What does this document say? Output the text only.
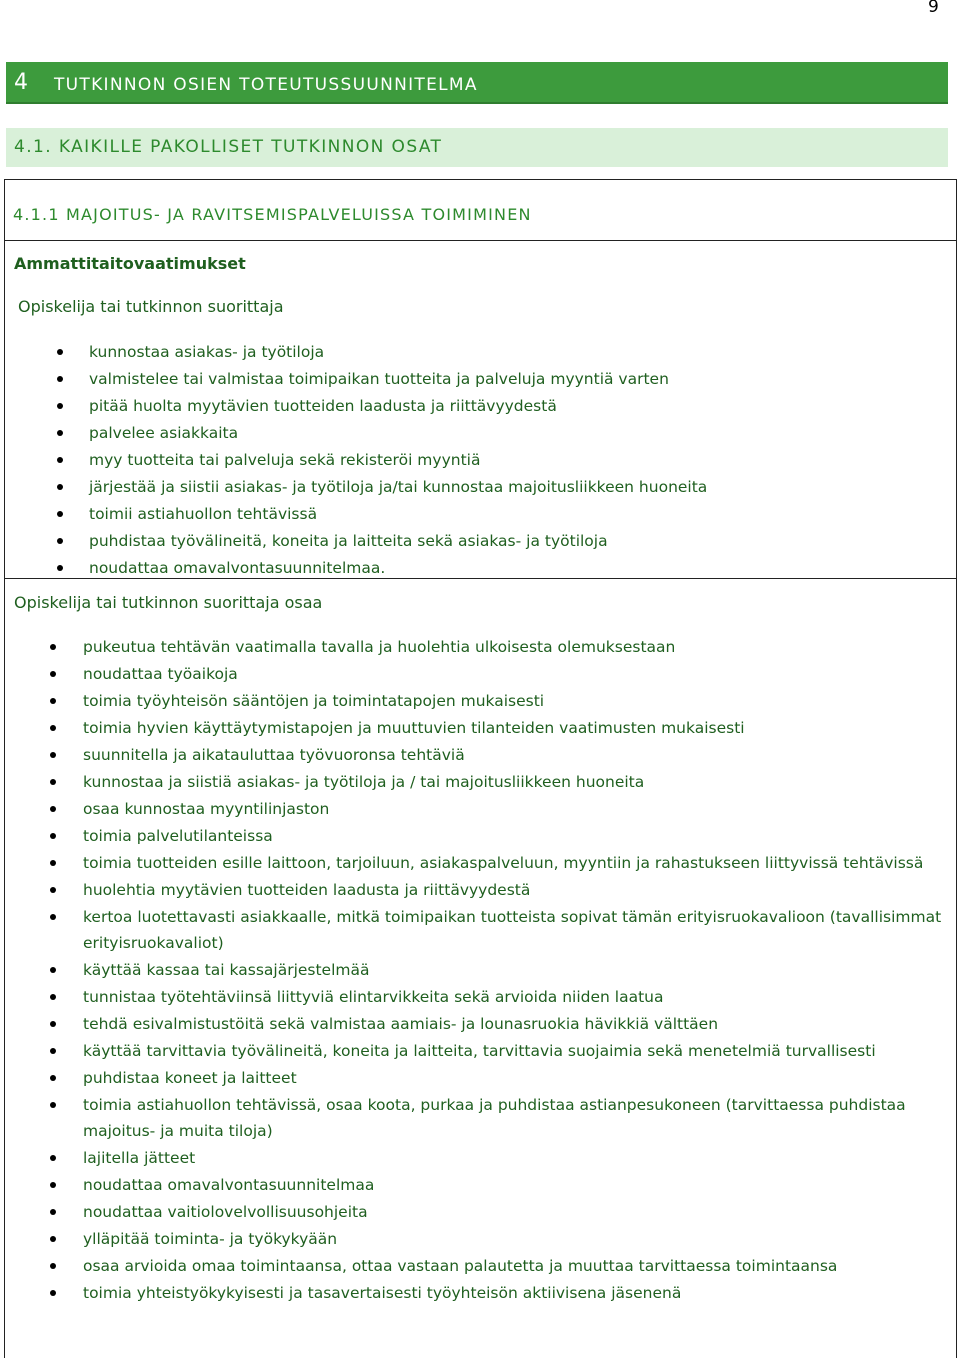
9
4 TUTKINNON OSIEN TOTEUTUSSUUNNITELMA
4.1. KAIKILLE PAKOLLISET TUTKINNON OSAT
4.1.1 MAJOITUS- JA RAVITSEMISPALVELUISSA TOIMIMINEN
Ammattitaitovaatimukset
Opiskelija tai tutkinnon suorittaja
kunnostaa asiakas- ja työtiloja
valmistelee tai valmistaa toimipaikan tuotteita ja palveluja myyntiä varten
pitää huolta myytävien tuotteiden laadusta ja riittävyydestä
palvelee asiakkaita
myy tuotteita tai palveluja sekä rekisteröi myyntiä
järjestää ja siistii asiakas- ja työtiloja ja/tai kunnostaa majoitusliikkeen huoneita
toimii astiahuollon tehtävissä
puhdistaa työvälineitä, koneita ja laitteita sekä asiakas- ja työtiloja
noudattaa omavalvontasuunnitelmaa.
Opiskelija tai tutkinnon suorittaja osaa
pukeutua tehtävän vaatimalla tavalla ja huolehtia ulkoisesta olemuksestaan
noudattaa työaikoja
toimia työyhteisön sääntöjen ja toimintatapojen mukaisesti
toimia hyvien käyttäytymistapojen ja muuttuvien tilanteiden vaatimusten mukaisesti
suunnitella ja aikatauluttaa työvuoronsa tehtäviä
kunnostaa ja siistiä asiakas- ja työtiloja ja / tai majoitusliikkeen huoneita
osaa kunnostaa myyntilinjaston
toimia palvelutilanteissa
toimia tuotteiden esille laittoon, tarjoiluun, asiakaspalveluun, myyntiin ja rahastukseen liittyvissä tehtävissä
huolehtia myytävien tuotteiden laadusta ja riittävyydestä
kertoa luotettavasti asiakkaalle, mitkä toimipaikan tuotteista sopivat tämän erityisruokavalioon (tavallisimmat erityisruokavaliot)
käyttää kassaa tai kassajärjestelmää
tunnistaa työtehtäviinsä liittyviä elintarvikkeita sekä arvioida niiden laatua
tehdä esivalmistustöitä sekä valmistaa aamiais- ja lounasruokia hävikkiä välttäen
käyttää tarvittavia työvälineitä, koneita ja laitteita, tarvittavia suojaimia sekä menetelmiä turvallisesti
puhdistaa koneet ja laitteet
toimia astiahuollon tehtävissä, osaa koota, purkaa ja puhdistaa astianpesukoneen (tarvittaessa puhdistaa majoitus- ja muita tiloja)
lajitella jätteet
noudattaa omavalvontasuunnitelmaa
noudattaa vaitiolovelvollisuusohjeita
ylläpitää toiminta- ja työkykyään
osaa arvioida omaa toimintaansa, ottaa vastaan palautetta ja muuttaa tarvittaessa toimintaansa
toimia yhteistyökykyisesti ja tasavertaisesti työyhteisön aktiivisena jäsenenä
